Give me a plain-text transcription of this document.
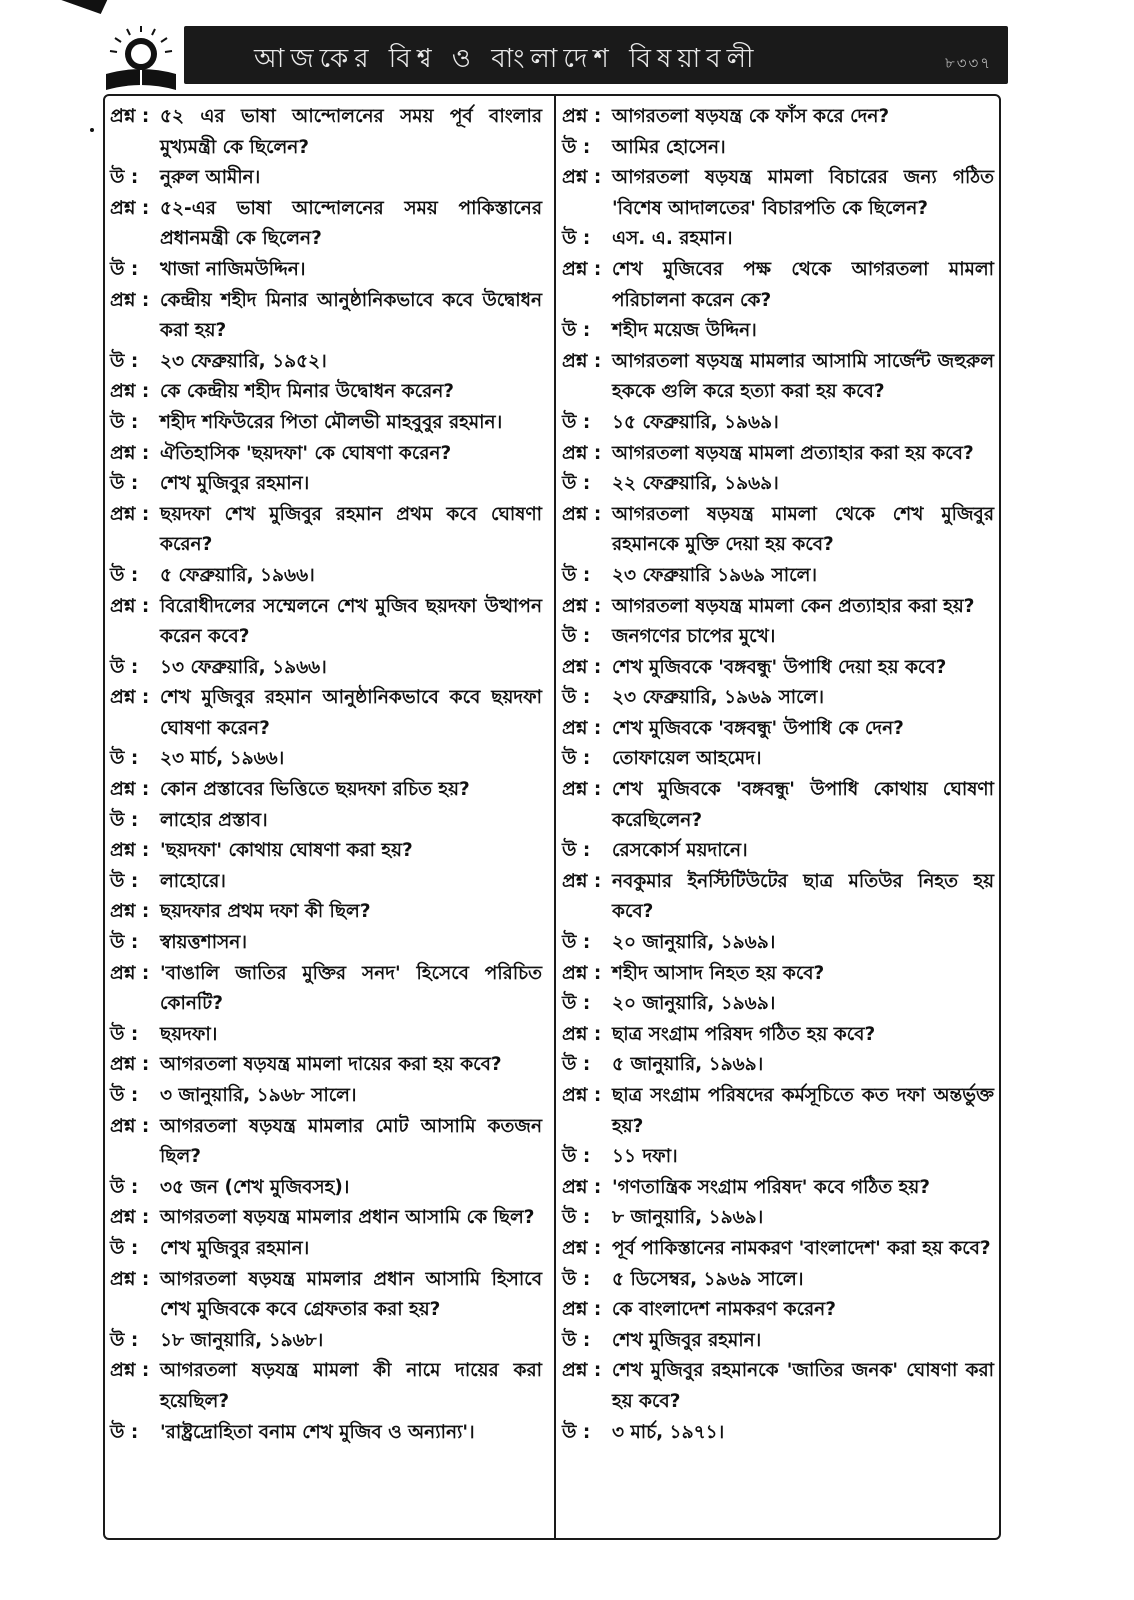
আজকের বিশ্ব ও বাংলাদেশ বিষয়াবলী	৮৩৩৭
প্রশ্ন : ৫২ এর ভাষা আন্দোলনের সময় পূর্ব বাংলার মুখ্যমন্ত্রী কে ছিলেন?
উ :	নুরুল আমীন।
প্রশ্ন : ৫২-এর ভাষা আন্দোলনের সময় পাকিস্তানের প্রধানমন্ত্রী কে ছিলেন?
উ :	খাজা নাজিমউদ্দিন।
প্রশ্ন : কেন্দ্রীয় শহীদ মিনার আনুষ্ঠানিকভাবে কবে উদ্বোধন করা হয়?
উ :	২৩ ফেব্রুয়ারি, ১৯৫২।
প্রশ্ন : কে কেন্দ্রীয় শহীদ মিনার উদ্বোধন করেন?
উ :	শহীদ শফিউরের পিতা মৌলভী মাহবুবুর রহমান।
প্রশ্ন : ঐতিহাসিক 'ছয়দফা' কে ঘোষণা করেন?
উ :	শেখ মুজিবুর রহমান।
প্রশ্ন : ছয়দফা শেখ মুজিবুর রহমান প্রথম কবে ঘোষণা করেন?
উ :	৫ ফেব্রুয়ারি, ১৯৬৬।
প্রশ্ন : বিরোধীদলের সম্মেলনে শেখ মুজিব ছয়দফা উত্থাপন করেন কবে?
উ :	১৩ ফেব্রুয়ারি, ১৯৬৬।
প্রশ্ন : শেখ মুজিবুর রহমান আনুষ্ঠানিকভাবে কবে ছয়দফা ঘোষণা করেন?
উ :	২৩ মার্চ, ১৯৬৬।
প্রশ্ন : কোন প্রস্তাবের ভিত্তিতে ছয়দফা রচিত হয়?
উ :	লাহোর প্রস্তাব।
প্রশ্ন : 'ছয়দফা' কোথায় ঘোষণা করা হয়?
উ :	লাহোরে।
প্রশ্ন : ছয়দফার প্রথম দফা কী ছিল?
উ :	স্বায়ত্তশাসন।
প্রশ্ন : 'বাঙালি জাতির মুক্তির সনদ' হিসেবে পরিচিত কোনটি?
উ :	ছয়দফা।
প্রশ্ন : আগরতলা ষড়যন্ত্র মামলা দায়ের করা হয় কবে?
উ :	৩ জানুয়ারি, ১৯৬৮ সালে।
প্রশ্ন : আগরতলা ষড়যন্ত্র মামলার মোট আসামি কতজন ছিল?
উ :	৩৫ জন (শেখ মুজিবসহ)।
প্রশ্ন : আগরতলা ষড়যন্ত্র মামলার প্রধান আসামি কে ছিল?
উ :	শেখ মুজিবুর রহমান।
প্রশ্ন : আগরতলা ষড়যন্ত্র মামলার প্রধান আসামি হিসাবে শেখ মুজিবকে কবে গ্রেফতার করা হয়?
উ :	১৮ জানুয়ারি, ১৯৬৮।
প্রশ্ন : আগরতলা ষড়যন্ত্র মামলা কী নামে দায়ের করা হয়েছিল?
উ :	'রাষ্ট্রদ্রোহিতা বনাম শেখ মুজিব ও অন্যান্য'।
প্রশ্ন : আগরতলা ষড়যন্ত্র কে ফাঁস করে দেন?
উ :	আমির হোসেন।
প্রশ্ন : আগরতলা ষড়যন্ত্র মামলা বিচারের জন্য গঠিত 'বিশেষ আদালতের' বিচারপতি কে ছিলেন?
উ :	এস. এ. রহমান।
প্রশ্ন : শেখ মুজিবের পক্ষ থেকে আগরতলা মামলা পরিচালনা করেন কে?
উ :	শহীদ ময়েজ উদ্দিন।
প্রশ্ন : আগরতলা ষড়যন্ত্র মামলার আসামি সার্জেন্ট জহুরুল হককে গুলি করে হত্যা করা হয় কবে?
উ :	১৫ ফেব্রুয়ারি, ১৯৬৯।
প্রশ্ন : আগরতলা ষড়যন্ত্র মামলা প্রত্যাহার করা হয় কবে?
উ :	২২ ফেব্রুয়ারি, ১৯৬৯।
প্রশ্ন : আগরতলা ষড়যন্ত্র মামলা থেকে শেখ মুজিবুর রহমানকে মুক্তি দেয়া হয় কবে?
উ :	২৩ ফেব্রুয়ারি ১৯৬৯ সালে।
প্রশ্ন : আগরতলা ষড়যন্ত্র মামলা কেন প্রত্যাহার করা হয়?
উ :	জনগণের চাপের মুখে।
প্রশ্ন : শেখ মুজিবকে 'বঙ্গবন্ধু' উপাধি দেয়া হয় কবে?
উ :	২৩ ফেব্রুয়ারি, ১৯৬৯ সালে।
প্রশ্ন : শেখ মুজিবকে 'বঙ্গবন্ধু' উপাধি কে দেন?
উ :	তোফায়েল আহমেদ।
প্রশ্ন : শেখ মুজিবকে 'বঙ্গবন্ধু' উপাধি কোথায় ঘোষণা করেছিলেন?
উ :	রেসকোর্স ময়দানে।
প্রশ্ন : নবকুমার ইনস্টিটিউটের ছাত্র মতিউর নিহত হয় কবে?
উ :	২০ জানুয়ারি, ১৯৬৯।
প্রশ্ন : শহীদ আসাদ নিহত হয় কবে?
উ :	২০ জানুয়ারি, ১৯৬৯।
প্রশ্ন : ছাত্র সংগ্রাম পরিষদ গঠিত হয় কবে?
উ :	৫ জানুয়ারি, ১৯৬৯।
প্রশ্ন : ছাত্র সংগ্রাম পরিষদের কর্মসূচিতে কত দফা অন্তর্ভুক্ত হয়?
উ :	১১ দফা।
প্রশ্ন : 'গণতান্ত্রিক সংগ্রাম পরিষদ' কবে গঠিত হয়?
উ :	৮ জানুয়ারি, ১৯৬৯।
প্রশ্ন : পূর্ব পাকিস্তানের নামকরণ 'বাংলাদেশ' করা হয় কবে?
উ :	৫ ডিসেম্বর, ১৯৬৯ সালে।
প্রশ্ন : কে বাংলাদেশ নামকরণ করেন?
উ :	শেখ মুজিবুর রহমান।
প্রশ্ন : শেখ মুজিবুর রহমানকে 'জাতির জনক' ঘোষণা করা হয় কবে?
উ :	৩ মার্চ, ১৯৭১।
